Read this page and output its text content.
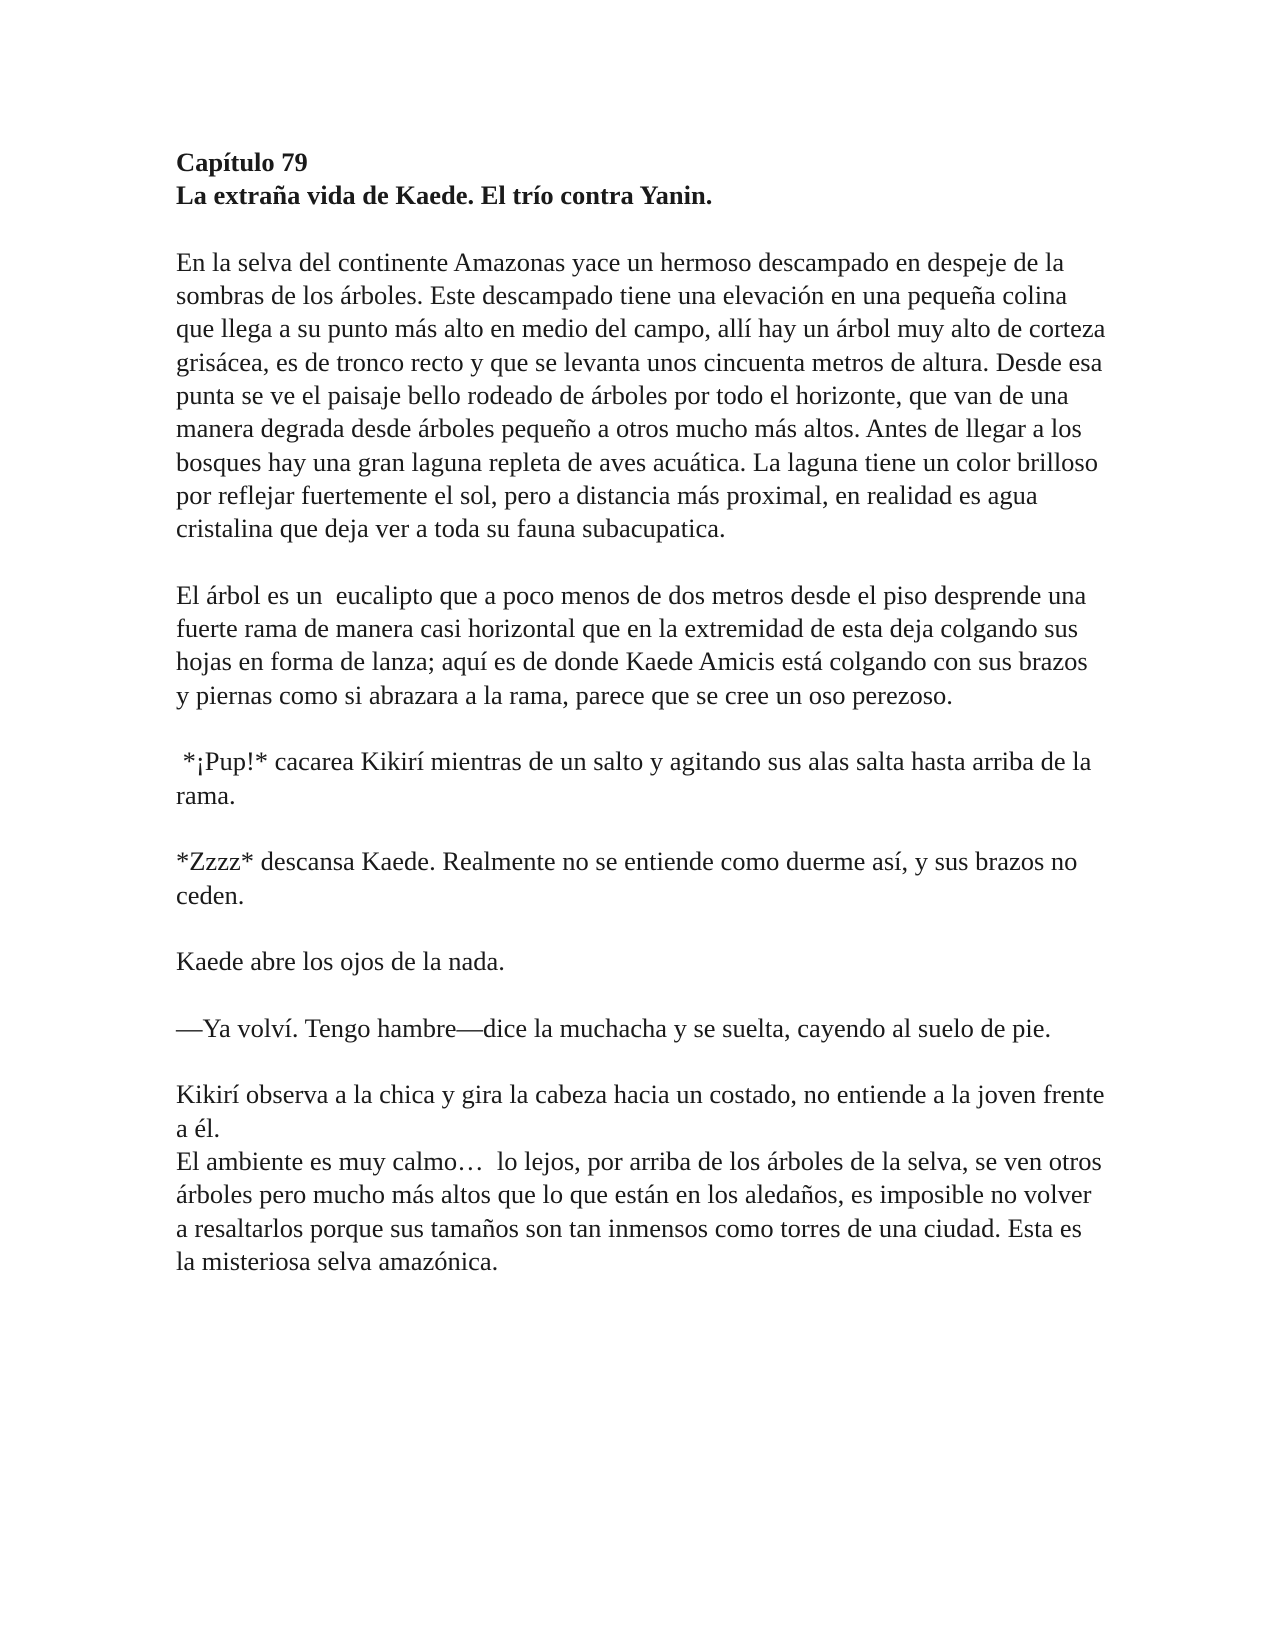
Capítulo 79

La extraña vida de Kaede. El trío contra Yanin.

En la selva del continente Amazonas yace un hermoso descampado en despeje de la sombras de los árboles. Este descampado tiene una elevación en una pequeña colina que llega a su punto más alto en medio del campo, allí hay un árbol muy alto de corteza grisácea, es de tronco recto y que se levanta unos cincuenta metros de altura. Desde esa punta se ve el paisaje bello rodeado de árboles por todo el horizonte, que van de una manera degrada desde árboles pequeño a otros mucho más altos. Antes de llegar a los bosques hay una gran laguna repleta de aves acuática. La laguna tiene un color brilloso por reflejar fuertemente el sol, pero a distancia más proximal, en realidad es agua cristalina que deja ver a toda su fauna subacupatica.

El árbol es un  eucalipto que a poco menos de dos metros desde el piso desprende una fuerte rama de manera casi horizontal que en la extremidad de esta deja colgando sus hojas en forma de lanza; aquí es de donde Kaede Amicis está colgando con sus brazos y piernas como si abrazara a la rama, parece que se cree un oso perezoso.

*¡Pup!* cacarea Kikirí mientras de un salto y agitando sus alas salta hasta arriba de la rama.

*Zzzz* descansa Kaede. Realmente no se entiende como duerme así, y sus brazos no ceden.

Kaede abre los ojos de la nada.

—Ya volví. Tengo hambre—dice la muchacha y se suelta, cayendo al suelo de pie.

Kikirí observa a la chica y gira la cabeza hacia un costado, no entiende a la joven frente a él.

El ambiente es muy calmo…  lo lejos, por arriba de los árboles de la selva, se ven otros árboles pero mucho más altos que lo que están en los aledaños, es imposible no volver a resaltarlos porque sus tamaños son tan inmensos como torres de una ciudad. Esta es la misteriosa selva amazónica.
